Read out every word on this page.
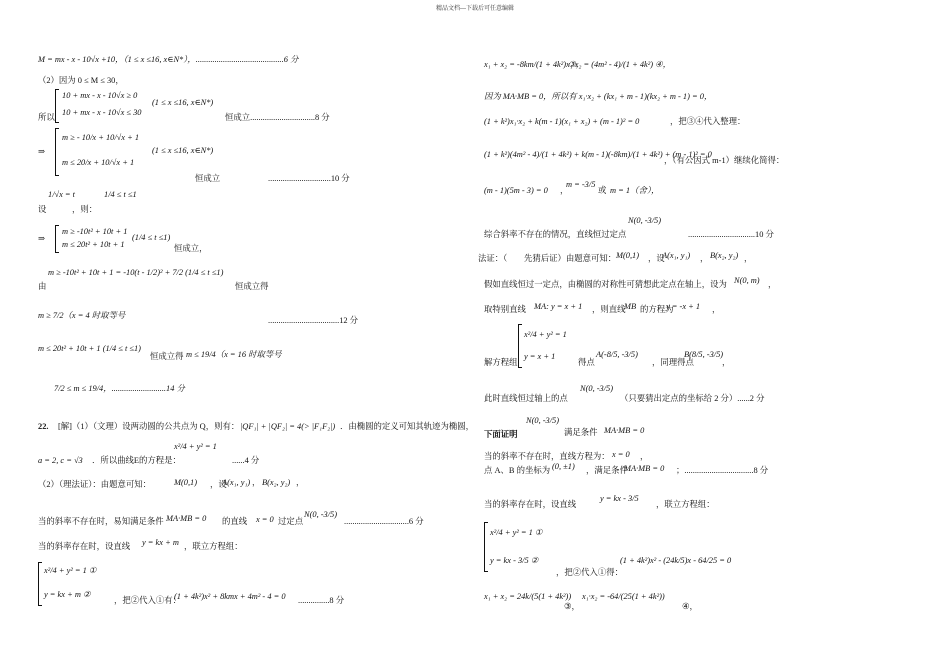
精品文档---下载后可任意编辑
M = mx - x - 10√x +10，（1 ≤ x ≤16, x∈N*），..........................................6 分
（2）因为 0 ≤ M ≤ 30，
10 + mx - x - 10√x ≥ 0
10 + mx - x - 10√x ≤ 30
(1 ≤ x ≤16, x∈N*)
所以	恒成立...............................8 分
m ≥ - 10/x + 10/√x + 1
m ≤ 20/x + 10/√x + 1
(1 ≤ x ≤16, x∈N*)
⇒
恒成立	..............................10 分
1/√x = t	1/4 ≤ t ≤1
设	，则：
m ≥ -10t² + 10t + 1
m ≤ 20t² + 10t + 1
(1/4 ≤ t ≤1)
⇒
恒成立，
m ≥ -10t² + 10t + 1 = -10(t - 1/2)² + 7/2 (1/4 ≤ t ≤1)
由	恒成立得
m ≥ 7/2（x = 4 时取等号
..................................12 分
m ≤ 20t² + 10t + 1 (1/4 ≤ t ≤1)
恒成立得 m ≤ 19/4（x = 16 时取等号
7/2 ≤ m ≤ 19/4，..........................14 分
22. [解]（1）（文理）设两动圆的公共点为 Q，则有： |QF₁| + |QF₂| = 4(> |F₁F₂|) ．由椭圆的定义可知其轨迹为椭圆，
x²/4 + y² = 1
a = 2, c = √3 ．所以曲线E的方程是：	......4 分
（2）（理法证）：由题意可知：	M(0,1) ，设
A(x₁, y₁) ， B(x₂, y₂) ，
当的斜率不存在时，易知满足条件 MA·MB = 0 的直线 x = 0 过定点
N(0, -3/5)
...............................6 分
当的斜率存在时，设直线 y = kx + m ，联立方程组：
x²/4 + y² = 1 ①
y = kx + m ②
，把②代入①有：
(1 + 4k²)x² + 8kmx + 4m² - 4 = 0 ...............8 分
x₁ + x₂ = -8km/(1 + 4k²) ③，
x₁·x₂ = (4m² - 4)/(1 + 4k²) ④，
因为 MA·MB = 0，所以有 x₁·x₂ + (kx₁ + m - 1)(kx₂ + m - 1) = 0，
(1 + k²)x₁·x₂ + k(m - 1)(x₁ + x₂) + (m - 1)² = 0	，把③④代入整理：
(1 + k²)(4m² - 4)/(1 + 4k²) + k(m - 1)(-8km)/(1 + 4k²) + (m - 1)² = 0
，（有公因式 m-1）继续化简得：
(m - 1)(5m - 3) = 0 ，
m = -3/5
或 m = 1（舍），
N(0, -3/5)
综合斜率不存在的情况，直线恒过定点	................................10 分
法证：（ 先猜后证）由题意可知： M(0,1) ，设
A(x₁, y₁) ， B(x₂, y₂) ，
假如直线恒过一定点，由椭圆的对称性可猜想此定点在轴上，设为 N(0, m) ，
取特别直线 MA: y = x + 1 ，则直线
MB 的方程为
y = -x + 1 ，
x²/4 + y² = 1
y = x + 1
解方程组	得点
A(-8/5, -3/5)
，同理得点
B(8/5, -3/5)
，
N(0, -3/5)
此时直线恒过轴上的点	（只要猜出定点的坐标给 2 分）......2 分
N(0, -3/5)
下面证明	满足条件 MA·MB = 0
当的斜率不存在时，直线方程为： x = 0 ，
点 A、B 的坐标为 (0, ±1) ，满足条件
MA·MB = 0 ；.................................8 分
当的斜率存在时，设直线
y = kx - 3/5
，联立方程组：
x²/4 + y² = 1 ①
y = kx - 3/5 ②
，把②代入①得：
(1 + 4k²)x² - (24k/5)x - 64/25 = 0
x₁ + x₂ = 24k/(5(1 + 4k²))
③，
x₁·x₂ = -64/(25(1 + 4k²))
④，
